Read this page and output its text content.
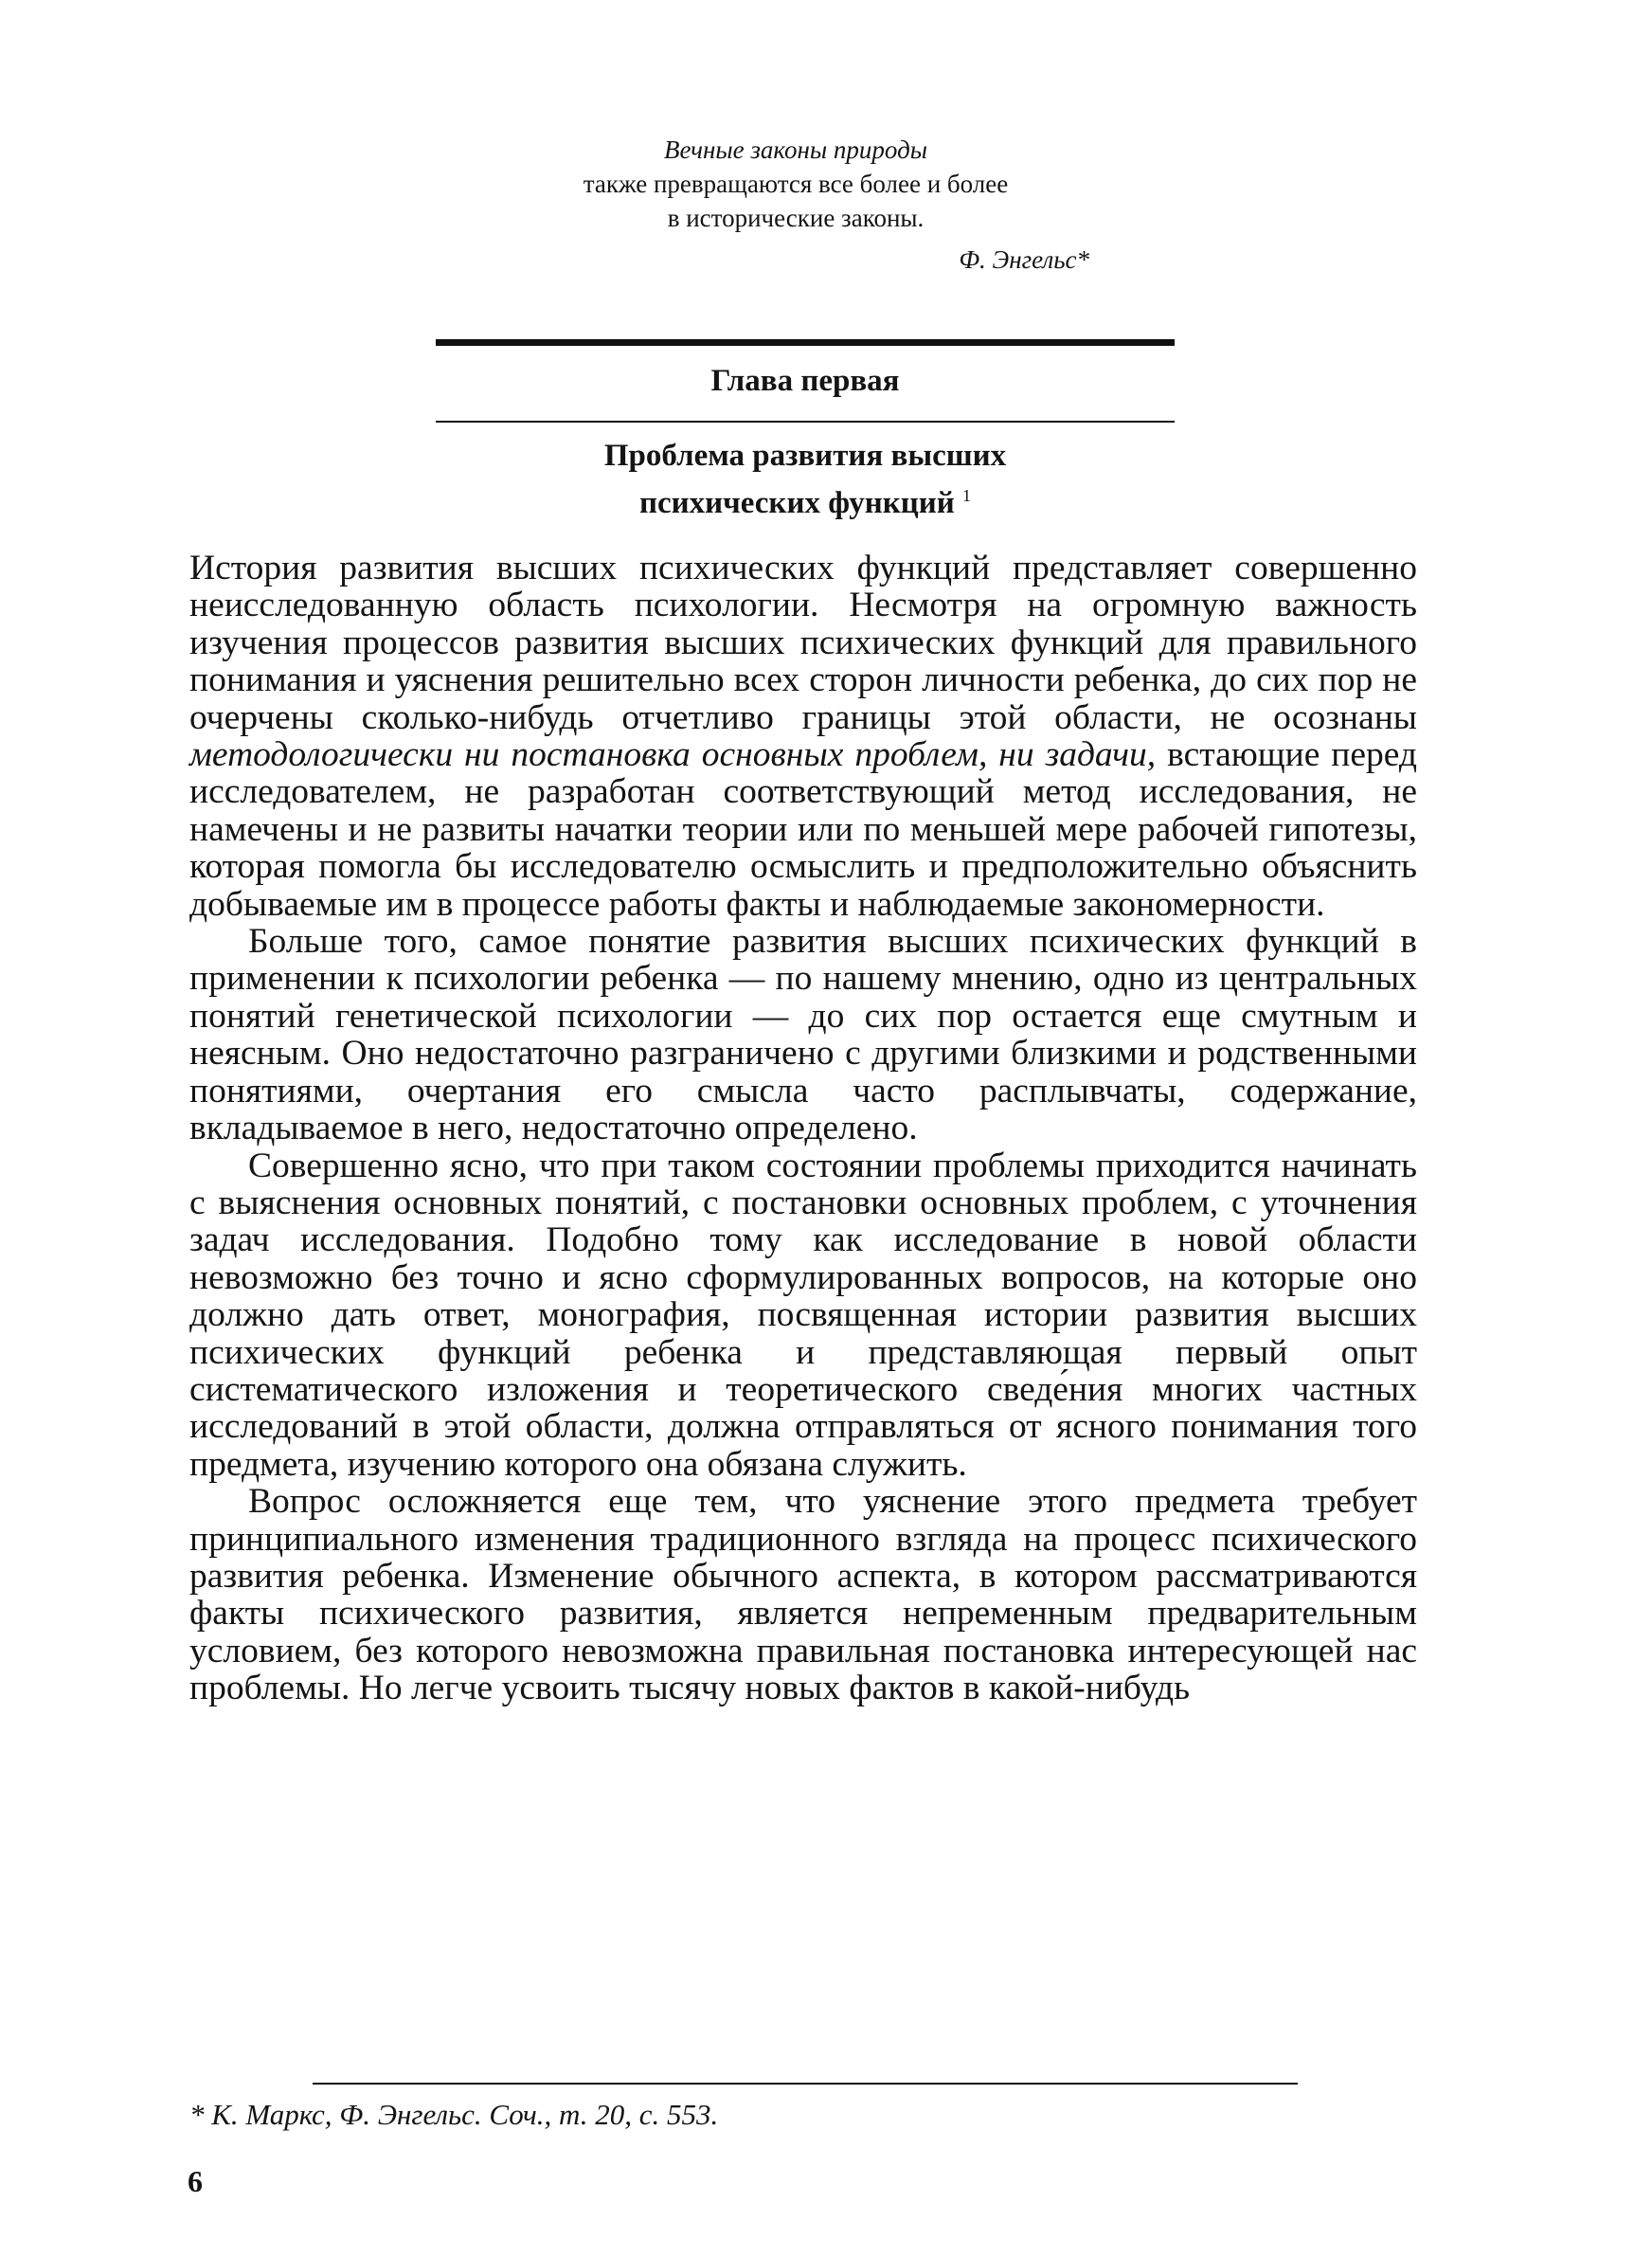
Вечные законы природы
также превращаются все более и более
в исторические законы.
Ф. Энгельс*
Глава первая
Проблема развития высших
психических функций $^1$

История развития высших психических функций представляет совершенно неисследованную область психологии. Несмотря на огромную важность изучения процессов развития высших психических функций для правильного понимания и уяснения решительно всех сторон личности ребенка, до сих пор не очерчены сколько-нибудь отчетливо границы этой области, не осознаны методологически ни постановка основных проблем, ни задачи, встающие перед исследователем, не разработан соответствующий метод исследования, не намечены и не развиты начатки теории или по меньшей мере рабочей гипотезы, которая помогла бы исследователю осмыслить и предположительно объяснить добываемые им в процессе работы факты и наблюдаемые закономерности.

Больше того, самое понятие развития высших психических функций в применении к психологии ребенка — по нашему мнению, одно из центральных понятий генетической психологии — до сих пор остается еще смутным и неясным. Оно недостаточно разграничено с другими близкими и родственными понятиями, очертания его смысла часто расплывчаты, содержание, вкладываемое в него, недостаточно определено.

Совершенно ясно, что при таком состоянии проблемы приходится начинать с выяснения основных понятий, с постановки основных проблем, с уточнения задач исследования. Подобно тому как исследование в новой области невозможно без точно и ясно сформулированных вопросов, на которые оно должно дать ответ, монография, посвященная истории развития высших психических функций ребенка и представляющая первый опыт систематического изложения и теоретического сведе́ния многих частных исследований в этой области, должна отправляться от ясного понимания того предмета, изучению которого она обязана служить.

Вопрос осложняется еще тем, что уяснение этого предмета требует принципиального изменения традиционного взгляда на процесс психического развития ребенка. Изменение обычного аспекта, в котором рассматриваются факты психического развития, является непременным предварительным условием, без которого невозможна правильная постановка интересующей нас проблемы. Но легче усвоить тысячу новых фактов в какой-нибудь

* К. Маркс, Ф. Энгельс. Соч., т. 20, с. 553.
6
